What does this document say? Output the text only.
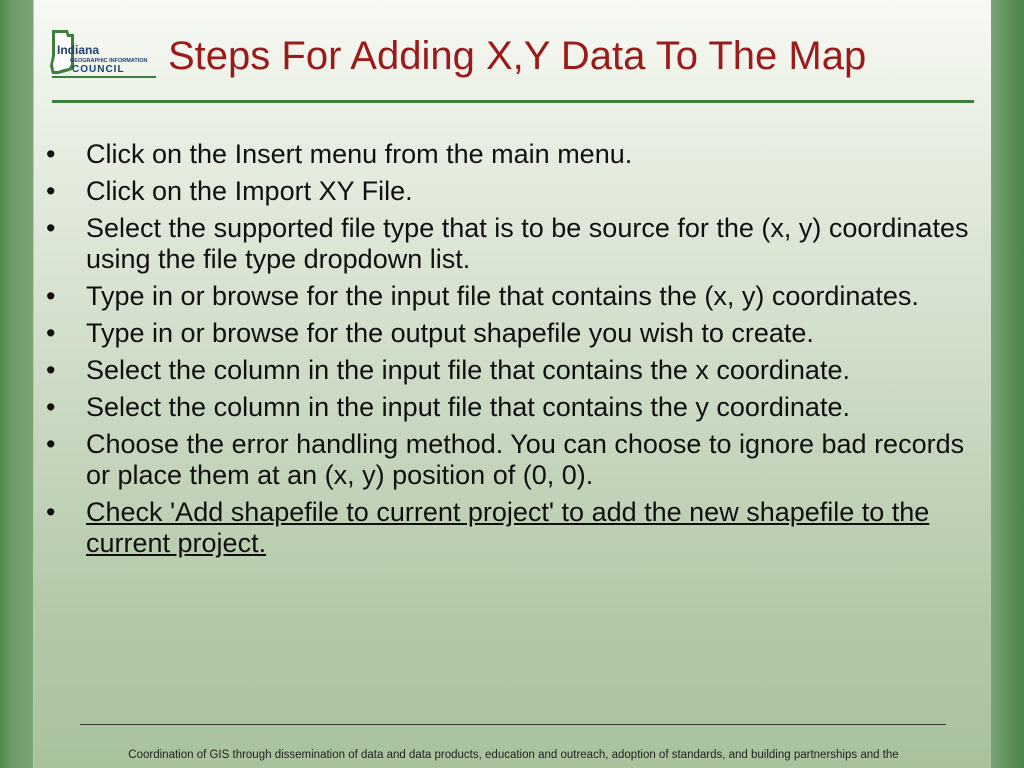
Indiana
GEOGRAPHIC INFORMATION
COUNCIL Steps For Adding X,Y Data To The Map
• Click on the Insert menu from the main menu.
• Click on the Import XY File.
• Select the supported file type that is to be source for the (x, y) coordinates using the file type dropdown list.
• Type in or browse for the input file that contains the (x, y) coordinates.
• Type in or browse for the output shapefile you wish to create.
• Select the column in the input file that contains the x coordinate.
• Select the column in the input file that contains the y coordinate.
• Choose the error handling method. You can choose to ignore bad records or place them at an (x, y) position of (0, 0).
• Check 'Add shapefile to current project' to add the new shapefile to the current project.
Coordination of GIS through dissemination of data and data products, education and outreach, adoption of standards, and building partnerships and the
